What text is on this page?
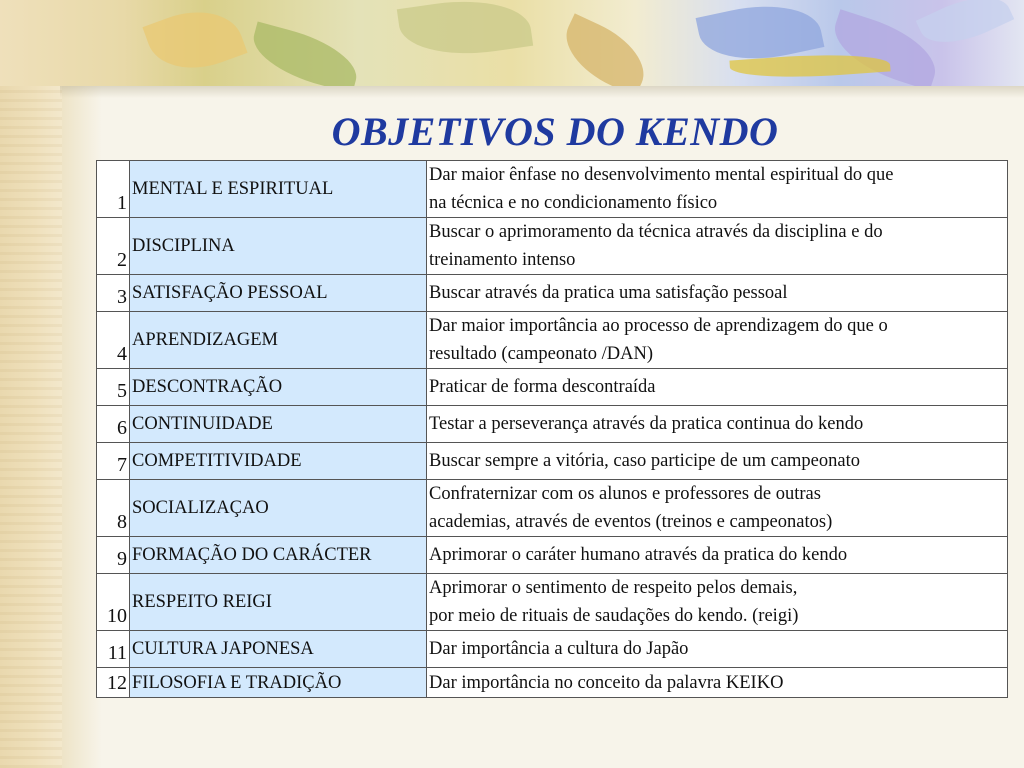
OBJETIVOS DO KENDO
1	MENTAL E ESPIRITUAL	Dar maior ênfase no desenvolvimento mental espiritual do que
na técnica e no condicionamento físico
2	DISCIPLINA	Buscar o aprimoramento da técnica através da disciplina e do
treinamento intenso
3	SATISFAÇÃO PESSOAL	Buscar através da pratica uma satisfação pessoal
4	APRENDIZAGEM	Dar maior importância ao processo de aprendizagem do que o
resultado (campeonato /DAN)
5	DESCONTRAÇÃO	Praticar de forma descontraída
6	CONTINUIDADE	Testar a perseverança através da pratica continua do kendo
7	COMPETITIVIDADE	Buscar sempre a vitória, caso participe de um campeonato
8	SOCIALIZAÇAO	Confraternizar com os alunos e professores de outras
academias, através de eventos (treinos e campeonatos)
9	FORMAÇÃO DO CARÁCTER	Aprimorar o caráter humano através da pratica do kendo
10	RESPEITO REIGI	Aprimorar o sentimento de respeito pelos demais,
por meio de rituais de saudações do kendo. (reigi)
11	CULTURA JAPONESA	Dar importância a cultura do Japão
12	FILOSOFIA E TRADIÇÃO	Dar importância no conceito da palavra KEIKO
